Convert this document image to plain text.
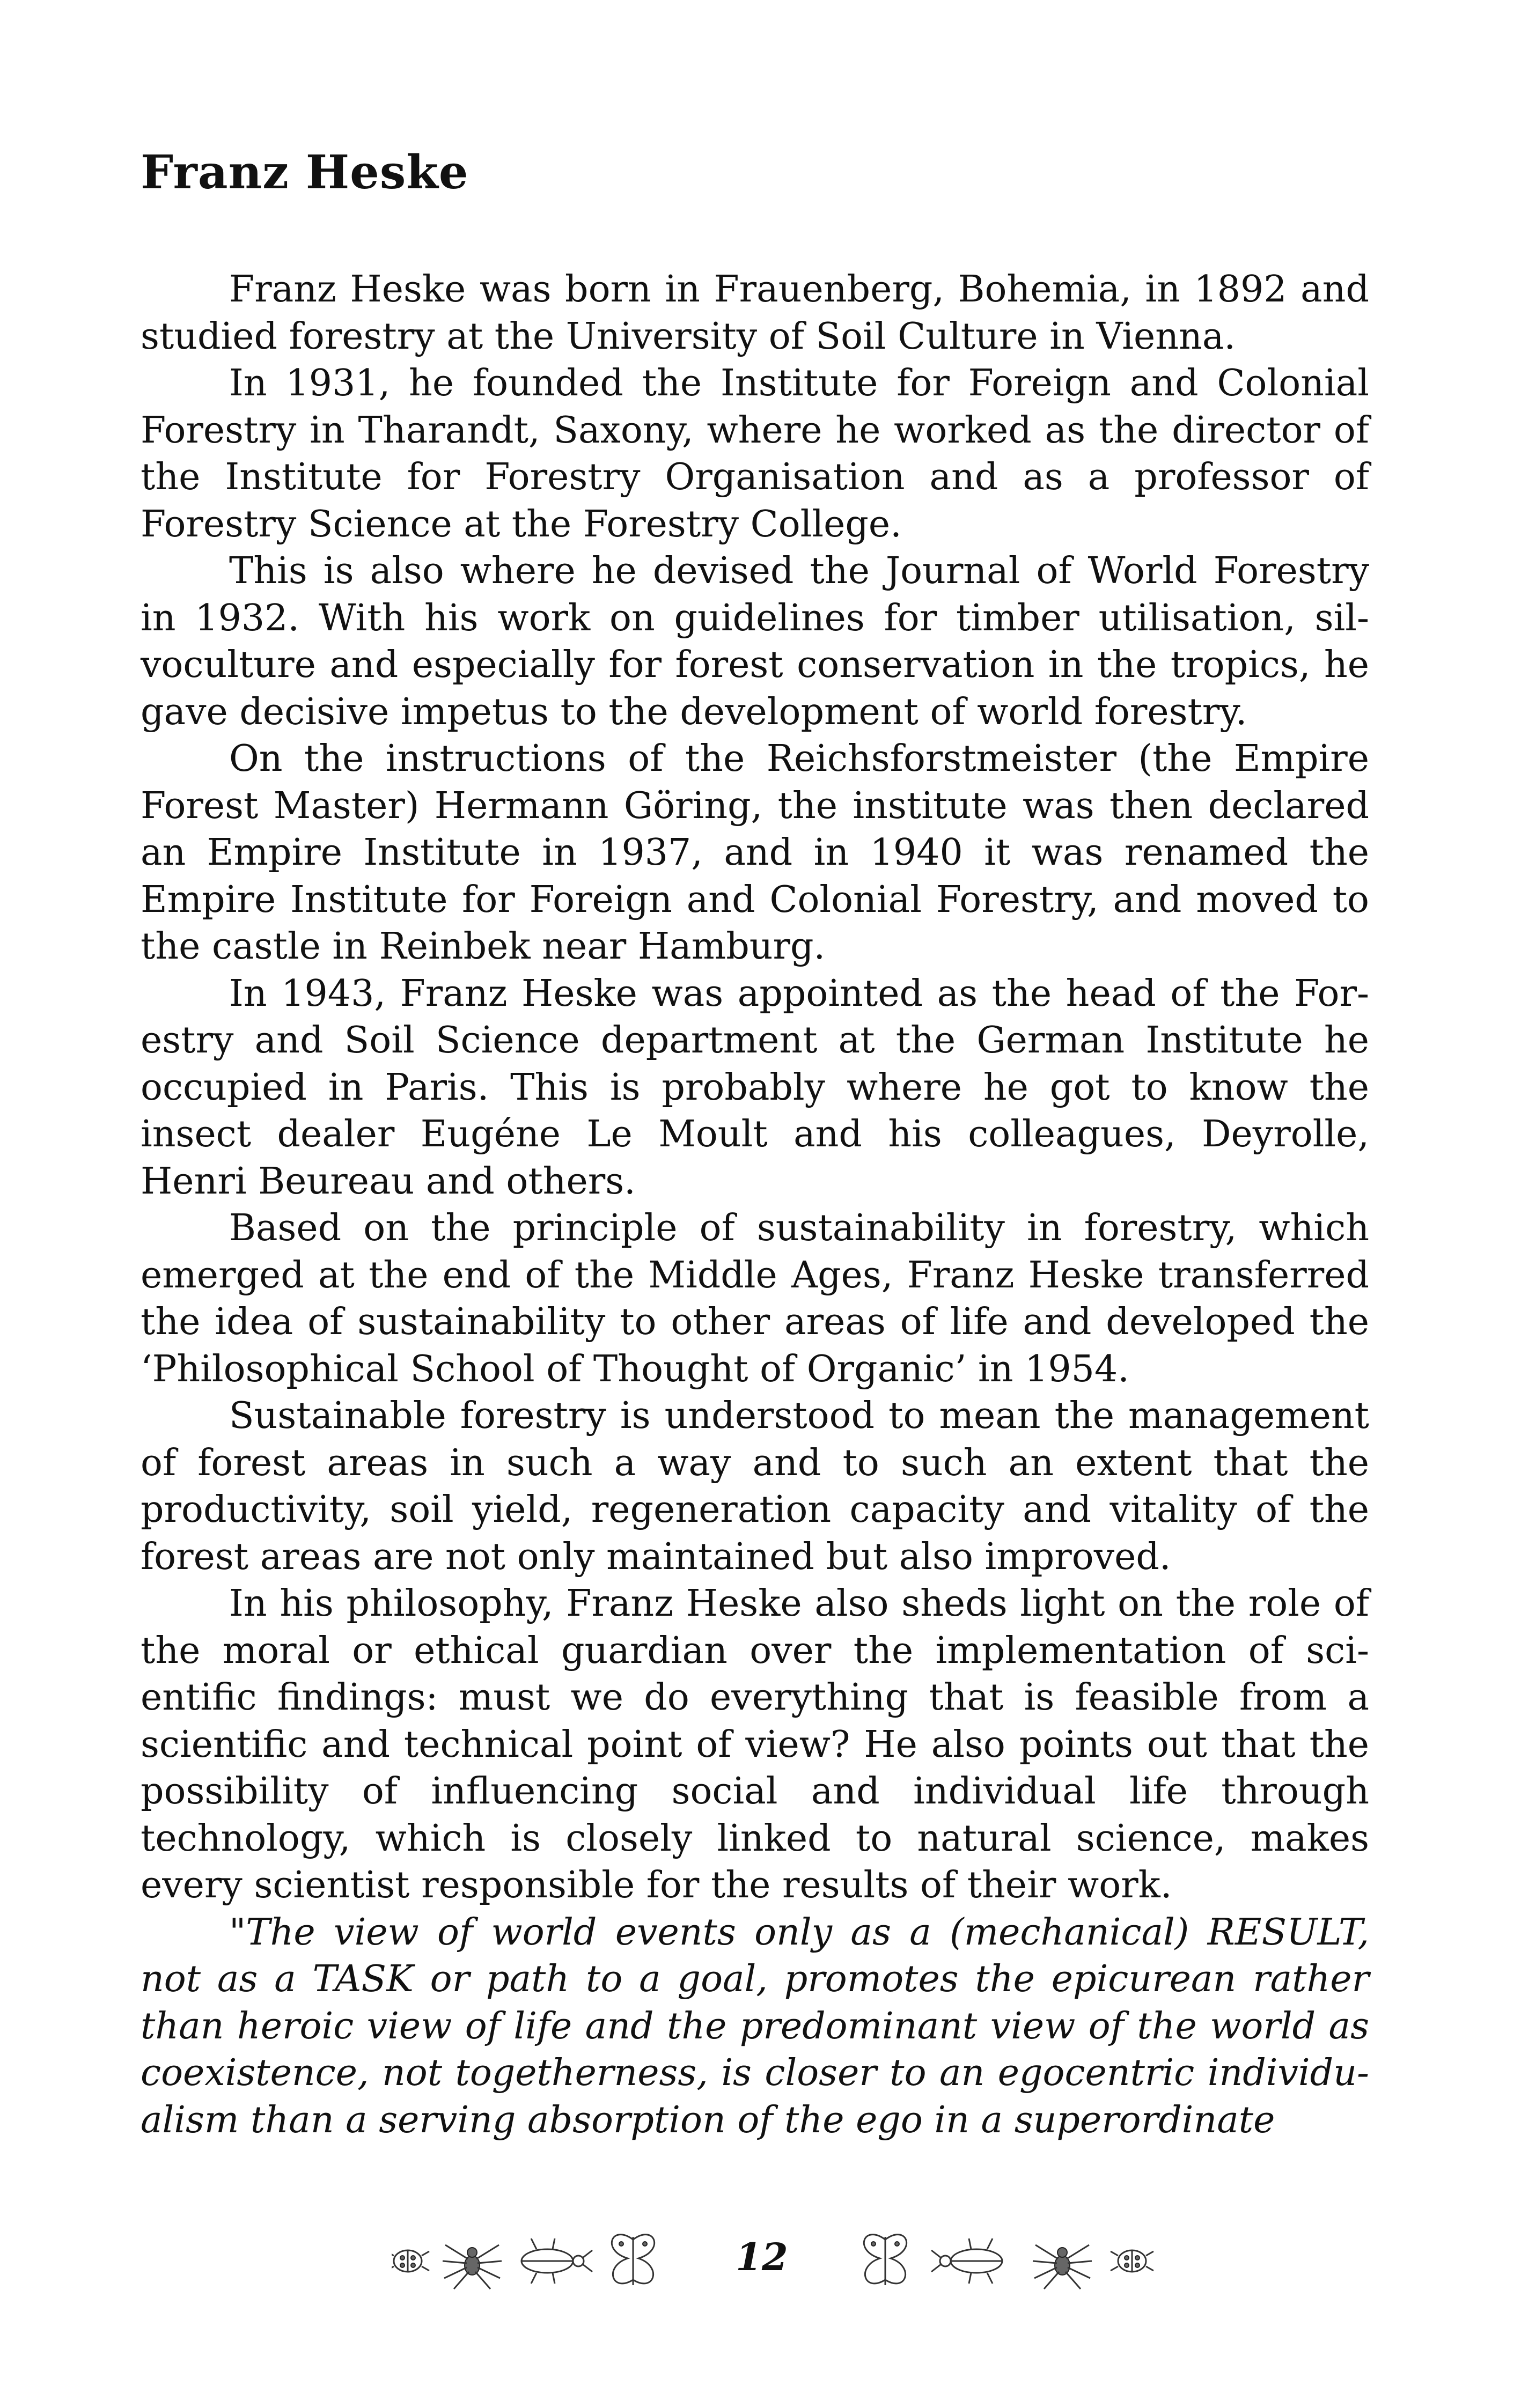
Franz Heske

Franz Heske was born in Frauenberg, Bohemia, in 1892 and studied forestry at the University of Soil Culture in Vienna.

In 1931, he founded the Institute for Foreign and Colonial Forestry in Tharandt, Saxony, where he worked as the director of the Institute for Forestry Organisation and as a professor of Forestry Science at the Forestry College.

This is also where he devised the Journal of World Forestry in 1932. With his work on guidelines for timber utilisation, silvoculture and especially for forest conservation in the tropics, he gave decisive impetus to the development of world forestry.

On the instructions of the Reichsforstmeister (the Empire Forest Master) Hermann Göring, the institute was then declared an Empire Institute in 1937, and in 1940 it was renamed the Empire Institute for Foreign and Colonial Forestry, and moved to the castle in Reinbek near Hamburg.

In 1943, Franz Heske was appointed as the head of the Forestry and Soil Science department at the German Institute he occupied in Paris. This is probably where he got to know the insect dealer Eugéne Le Moult and his colleagues, Deyrolle, Henri Beureau and others.

Based on the principle of sustainability in forestry, which emerged at the end of the Middle Ages, Franz Heske transferred the idea of sustainability to other areas of life and developed the ‘Philosophical School of Thought of Organic’ in 1954.

Sustainable forestry is understood to mean the management of forest areas in such a way and to such an extent that the productivity, soil yield, regeneration capacity and vitality of the forest areas are not only maintained but also improved.

In his philosophy, Franz Heske also sheds light on the role of the moral or ethical guardian over the implementation of scientific findings: must we do everything that is feasible from a scientific and technical point of view? He also points out that the possibility of influencing social and individual life through technology, which is closely linked to natural science, makes every scientist responsible for the results of their work.

"The view of world events only as a (mechanical) RESULT, not as a TASK or path to a goal, promotes the epicurean rather than heroic view of life and the predominant view of the world as coexistence, not togetherness, is closer to an egocentric individualism than a serving absorption of the ego in a superordinate

12
